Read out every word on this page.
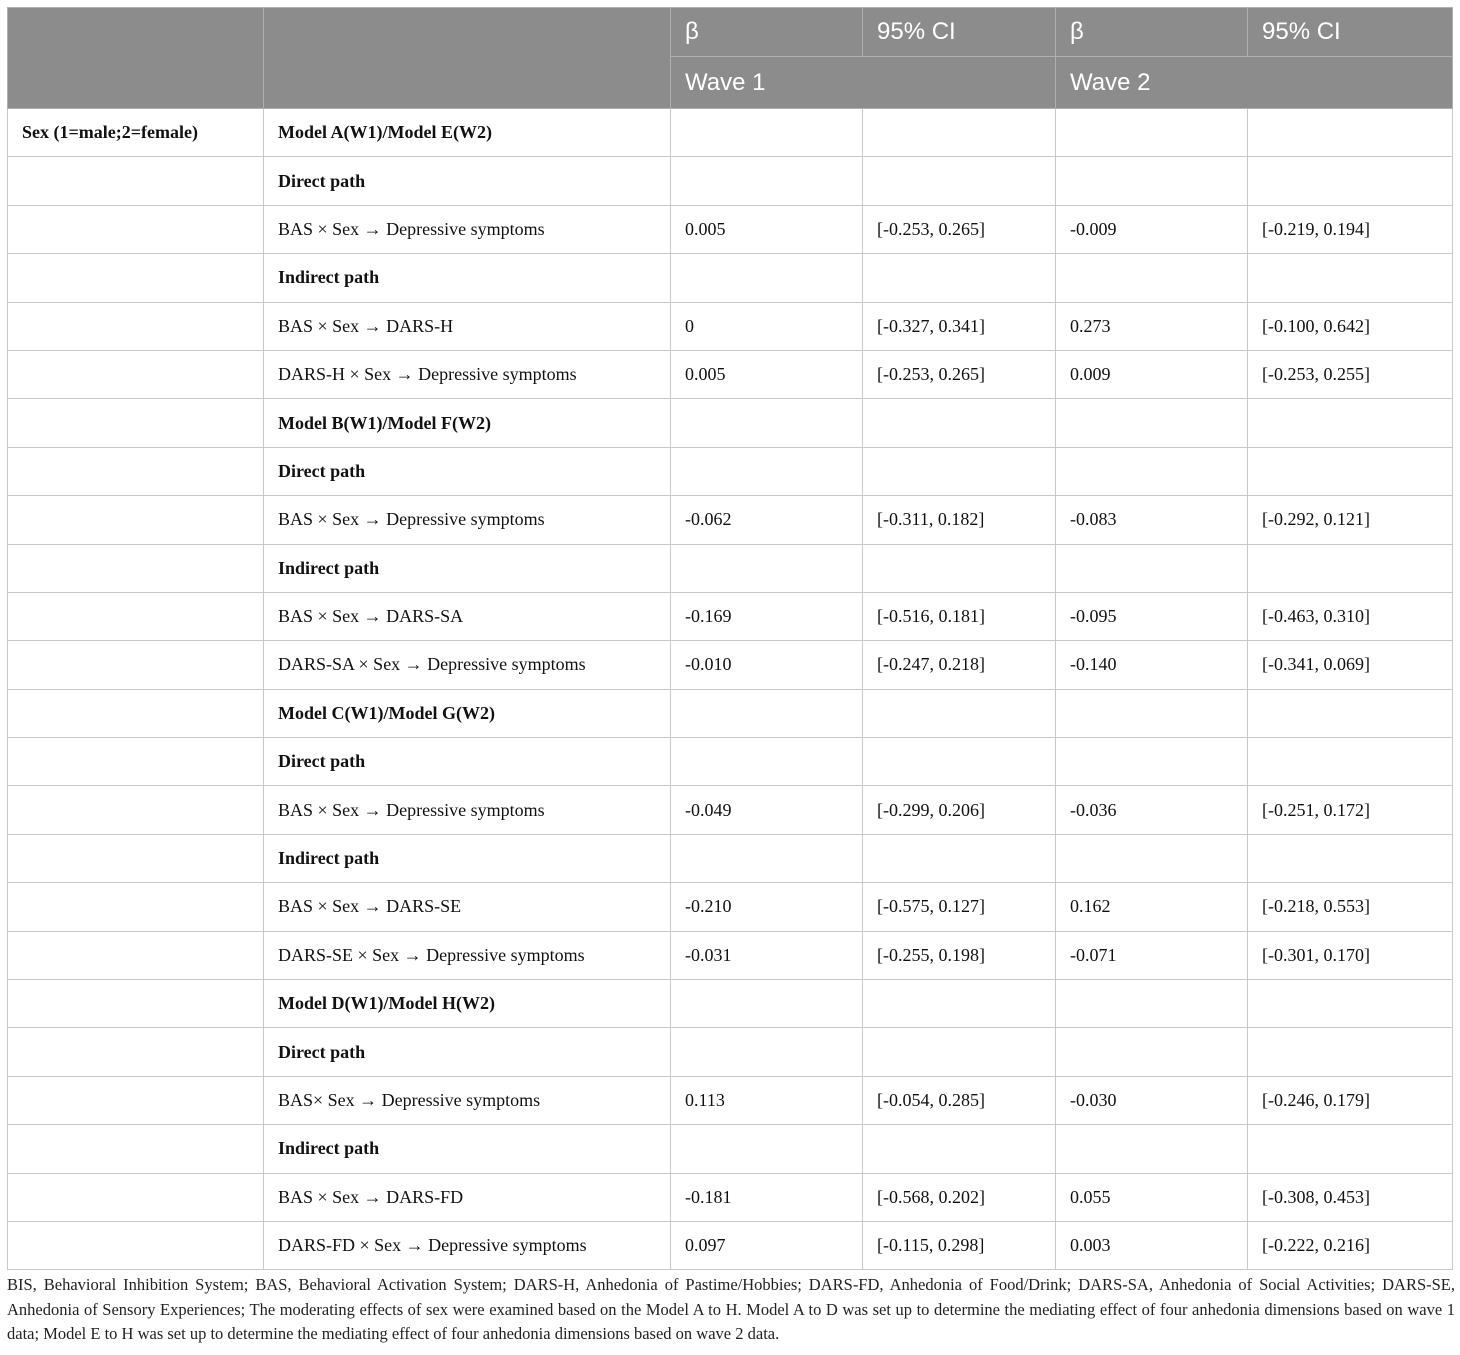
		β	95% CI	β	95% CI
		Wave 1		Wave 2	
Sex (1=male;2=female)	Model A(W1)/Model E(W2)				
	Direct path				
	BAS × Sex → Depressive symptoms	0.005	[-0.253, 0.265]	-0.009	[-0.219, 0.194]
	Indirect path				
	BAS × Sex → DARS-H	0	[-0.327, 0.341]	0.273	[-0.100, 0.642]
	DARS-H × Sex → Depressive symptoms	0.005	[-0.253, 0.265]	0.009	[-0.253, 0.255]
	Model B(W1)/Model F(W2)				
	Direct path				
	BAS × Sex → Depressive symptoms	-0.062	[-0.311, 0.182]	-0.083	[-0.292, 0.121]
	Indirect path				
	BAS × Sex → DARS-SA	-0.169	[-0.516, 0.181]	-0.095	[-0.463, 0.310]
	DARS-SA × Sex → Depressive symptoms	-0.010	[-0.247, 0.218]	-0.140	[-0.341, 0.069]
	Model C(W1)/Model G(W2)				
	Direct path				
	BAS × Sex → Depressive symptoms	-0.049	[-0.299, 0.206]	-0.036	[-0.251, 0.172]
	Indirect path				
	BAS × Sex → DARS-SE	-0.210	[-0.575, 0.127]	0.162	[-0.218, 0.553]
	DARS-SE × Sex → Depressive symptoms	-0.031	[-0.255, 0.198]	-0.071	[-0.301, 0.170]
	Model D(W1)/Model H(W2)				
	Direct path				
	BAS× Sex → Depressive symptoms	0.113	[-0.054, 0.285]	-0.030	[-0.246, 0.179]
	Indirect path				
	BAS × Sex → DARS-FD	-0.181	[-0.568, 0.202]	0.055	[-0.308, 0.453]
	DARS-FD × Sex → Depressive symptoms	0.097	[-0.115, 0.298]	0.003	[-0.222, 0.216]
BIS, Behavioral Inhibition System; BAS, Behavioral Activation System; DARS-H, Anhedonia of Pastime/Hobbies; DARS-FD, Anhedonia of Food/Drink; DARS-SA, Anhedonia of Social Activities; DARS-SE, Anhedonia of Sensory Experiences; The moderating effects of sex were examined based on the Model A to H. Model A to D was set up to determine the mediating effect of four anhedonia dimensions based on wave 1 data; Model E to H was set up to determine the mediating effect of four anhedonia dimensions based on wave 2 data.
